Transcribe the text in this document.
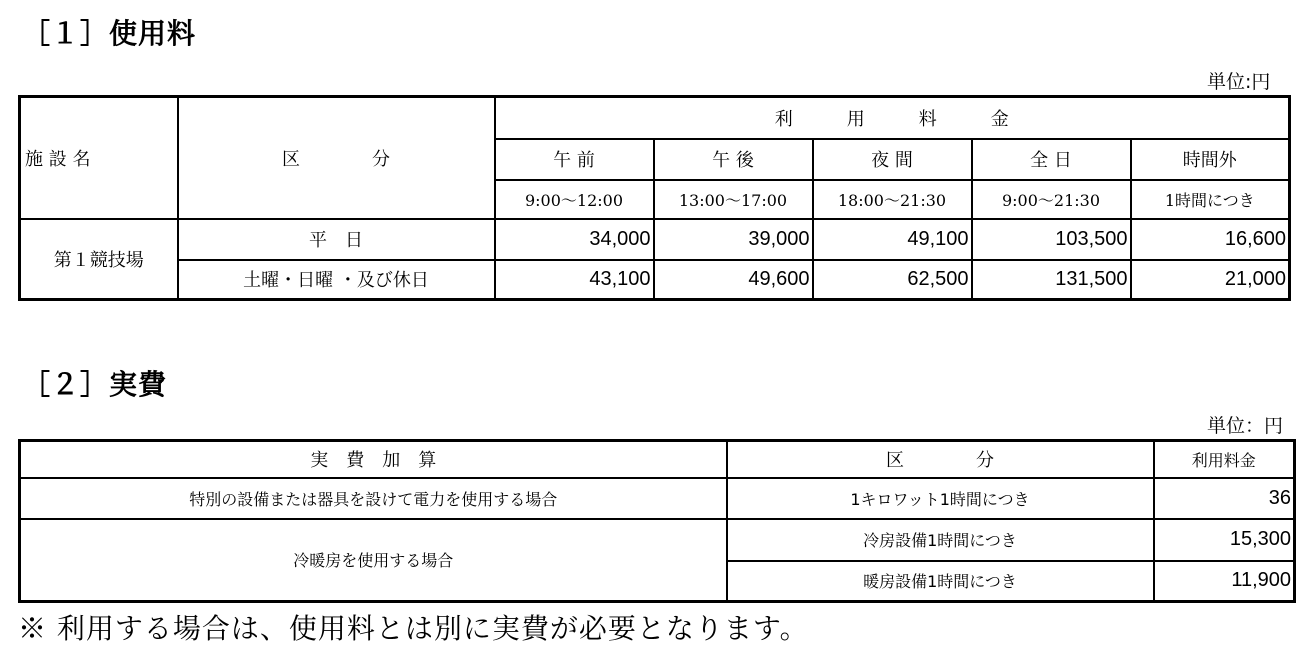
［１］使用料
単位:円
施 設 名	区　　　　分	利　　　用　　　料　　　金				
		午 前	午 後	夜 間	全 日	時間外
		9:00〜12:00	13:00〜17:00	18:00〜21:30	9:00〜21:30	1時間につき
第１競技場	平　日	34,000	39,000	49,100	103,500	16,600
	土曜・日曜 ・及び休日	43,100	49,600	62,500	131,500	21,000
［２］実費
単位：円
実　費　加　算	区　　　　分	利用料金
特別の設備または器具を設けて電力を使用する場合	1キロワット1時間につき	36
冷暖房を使用する場合	冷房設備1時間につき	15,300
	暖房設備1時間につき	11,900
※ 利用する場合は、使用料とは別に実費が必要となります。
